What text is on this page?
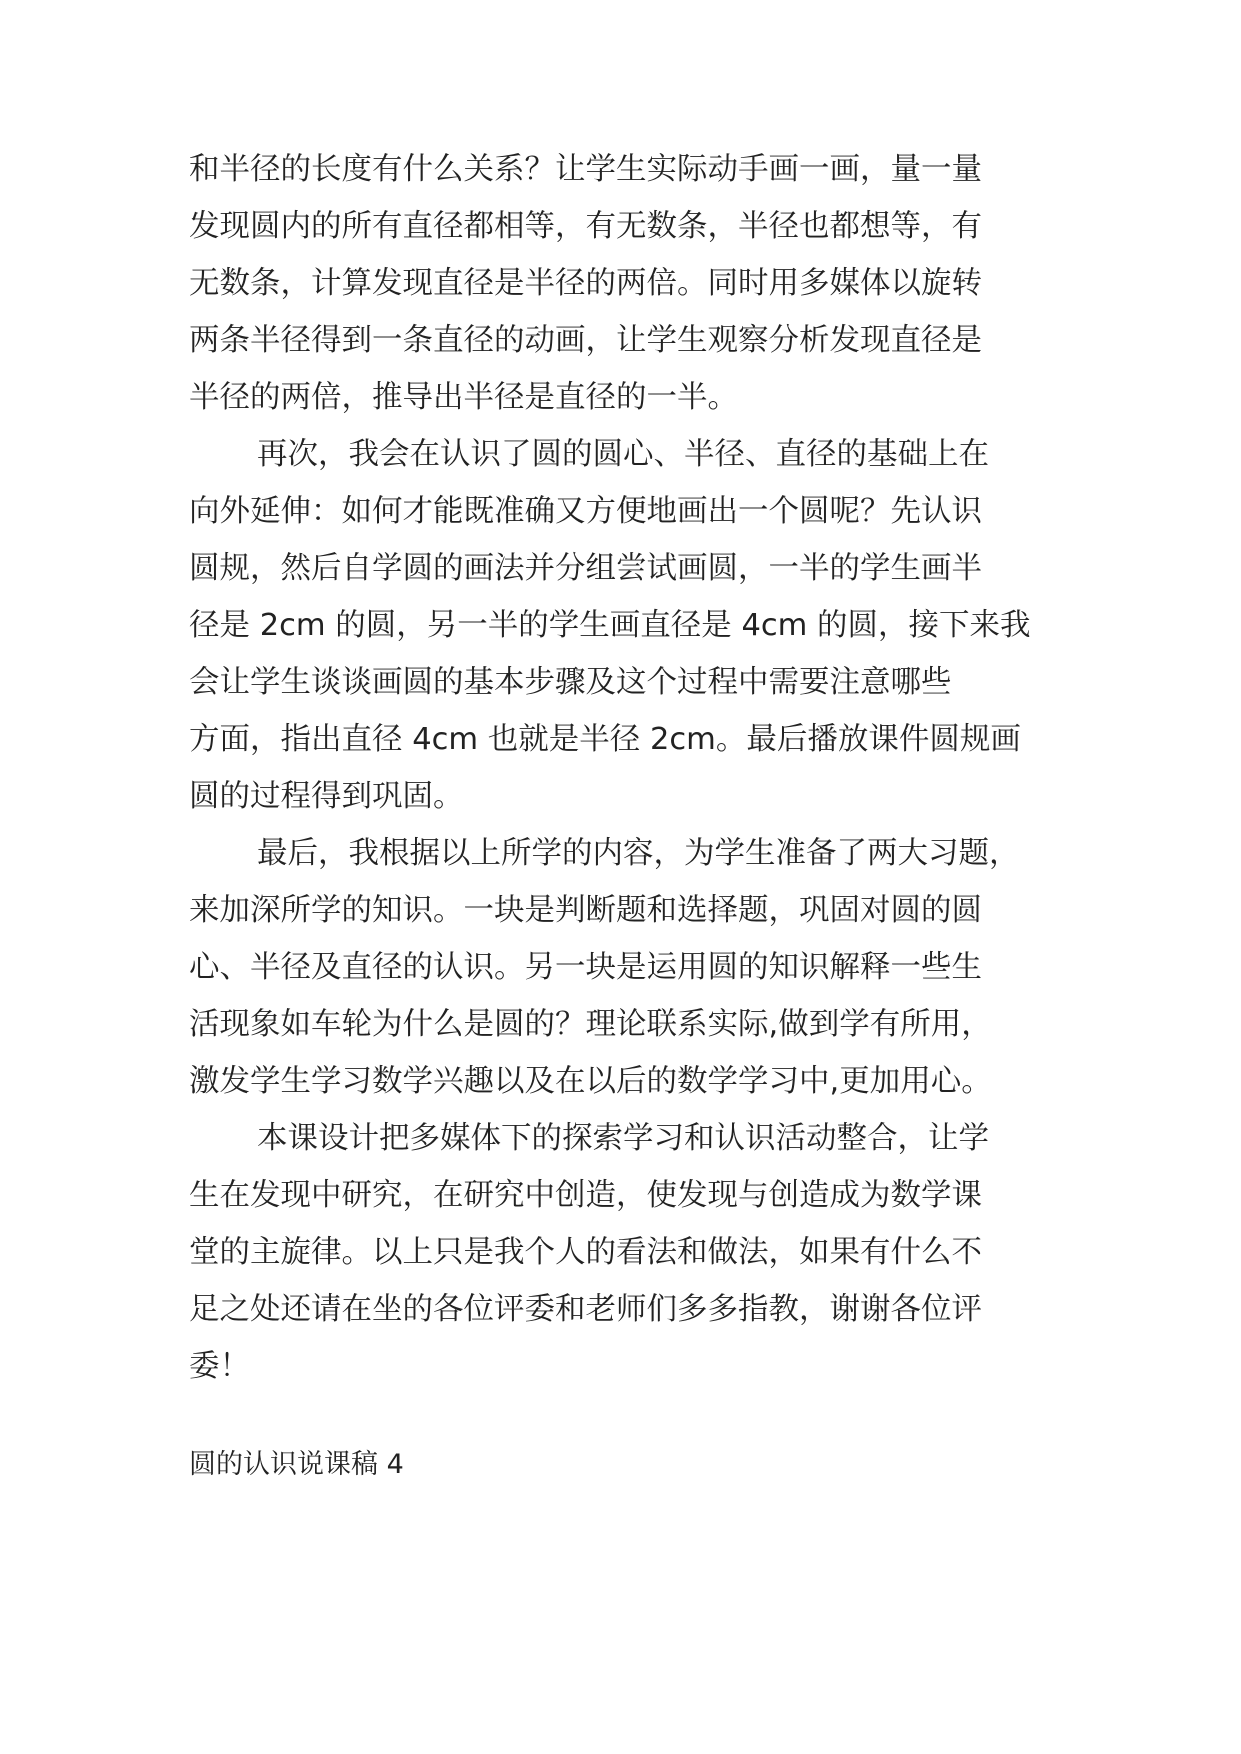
和半径的长度有什么关系？让学生实际动手画一画，量一量
发现圆内的所有直径都相等，有无数条，半径也都想等，有
无数条，计算发现直径是半径的两倍。同时用多媒体以旋转
两条半径得到一条直径的动画，让学生观察分析发现直径是
半径的两倍，推导出半径是直径的一半。
再次，我会在认识了圆的圆心、半径、直径的基础上在
向外延伸：如何才能既准确又方便地画出一个圆呢？先认识
圆规，然后自学圆的画法并分组尝试画圆，一半的学生画半
径是 2cm 的圆，另一半的学生画直径是 4cm 的圆，接下来我
会让学生谈谈画圆的基本步骤及这个过程中需要注意哪些
方面，指出直径 4cm 也就是半径 2cm。最后播放课件圆规画
圆的过程得到巩固。
最后，我根据以上所学的内容，为学生准备了两大习题，
来加深所学的知识。一块是判断题和选择题，巩固对圆的圆
心、半径及直径的认识。另一块是运用圆的知识解释一些生
活现象如车轮为什么是圆的？理论联系实际,做到学有所用，
激发学生学习数学兴趣以及在以后的数学学习中,更加用心。
本课设计把多媒体下的探索学习和认识活动整合，让学
生在发现中研究，在研究中创造，使发现与创造成为数学课
堂的主旋律。以上只是我个人的看法和做法，如果有什么不
足之处还请在坐的各位评委和老师们多多指教，谢谢各位评
委！
圆的认识说课稿 4
